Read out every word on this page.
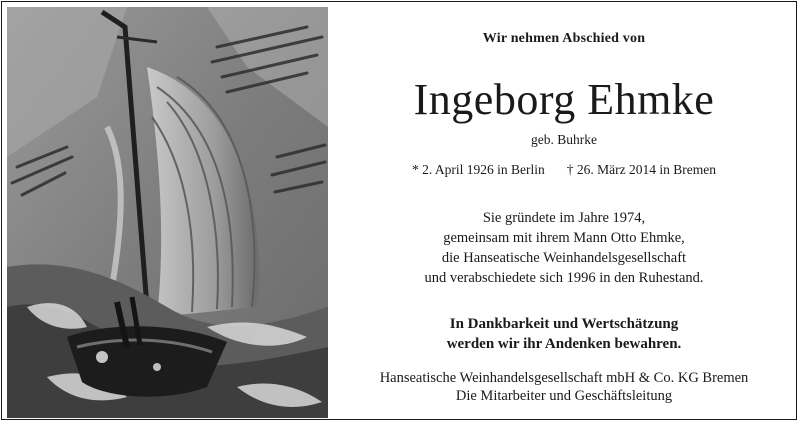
Wir nehmen Abschied von
Ingeborg Ehmke
geb. Buhrke
* 2. April 1926 in Berlin † 26. März 2014 in Bremen
Sie gründete im Jahre 1974,
gemeinsam mit ihrem Mann Otto Ehmke,
die Hanseatische Weinhandelsgesellschaft
und verabschiedete sich 1996 in den Ruhestand.
In Dankbarkeit und Wertschätzung
werden wir ihr Andenken bewahren.
Hanseatische Weinhandelsgesellschaft mbH & Co. KG Bremen
Die Mitarbeiter und Geschäftsleitung
